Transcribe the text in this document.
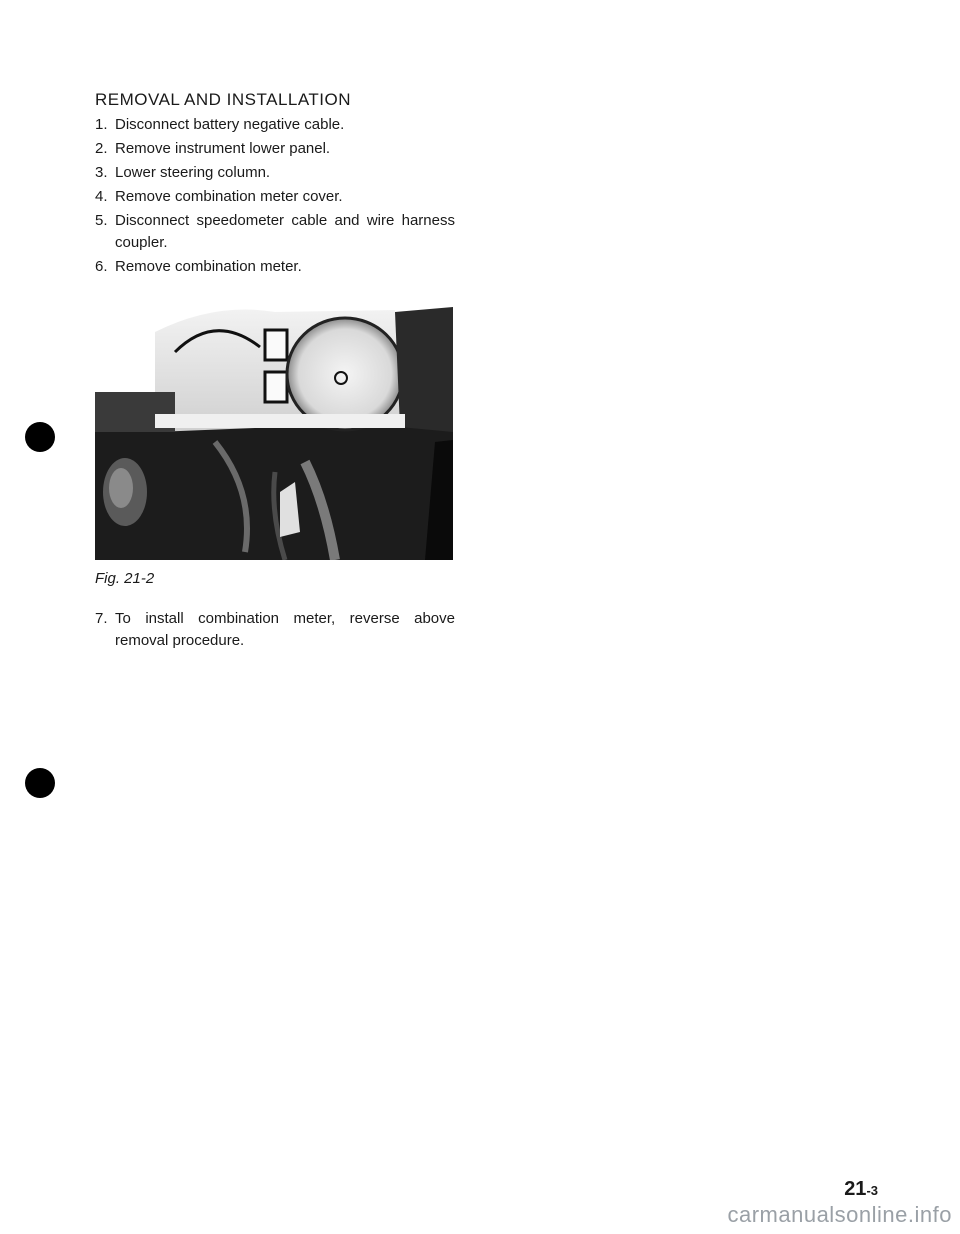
REMOVAL AND INSTALLATION
1. Disconnect battery negative cable.
2. Remove instrument lower panel.
3. Lower steering column.
4. Remove combination meter cover.
5. Disconnect speedometer cable and wire harness coupler.
6. Remove combination meter.
Fig. 21-2
7. To install combination meter, reverse above removal procedure.
21-3
carmanualsonline.info
